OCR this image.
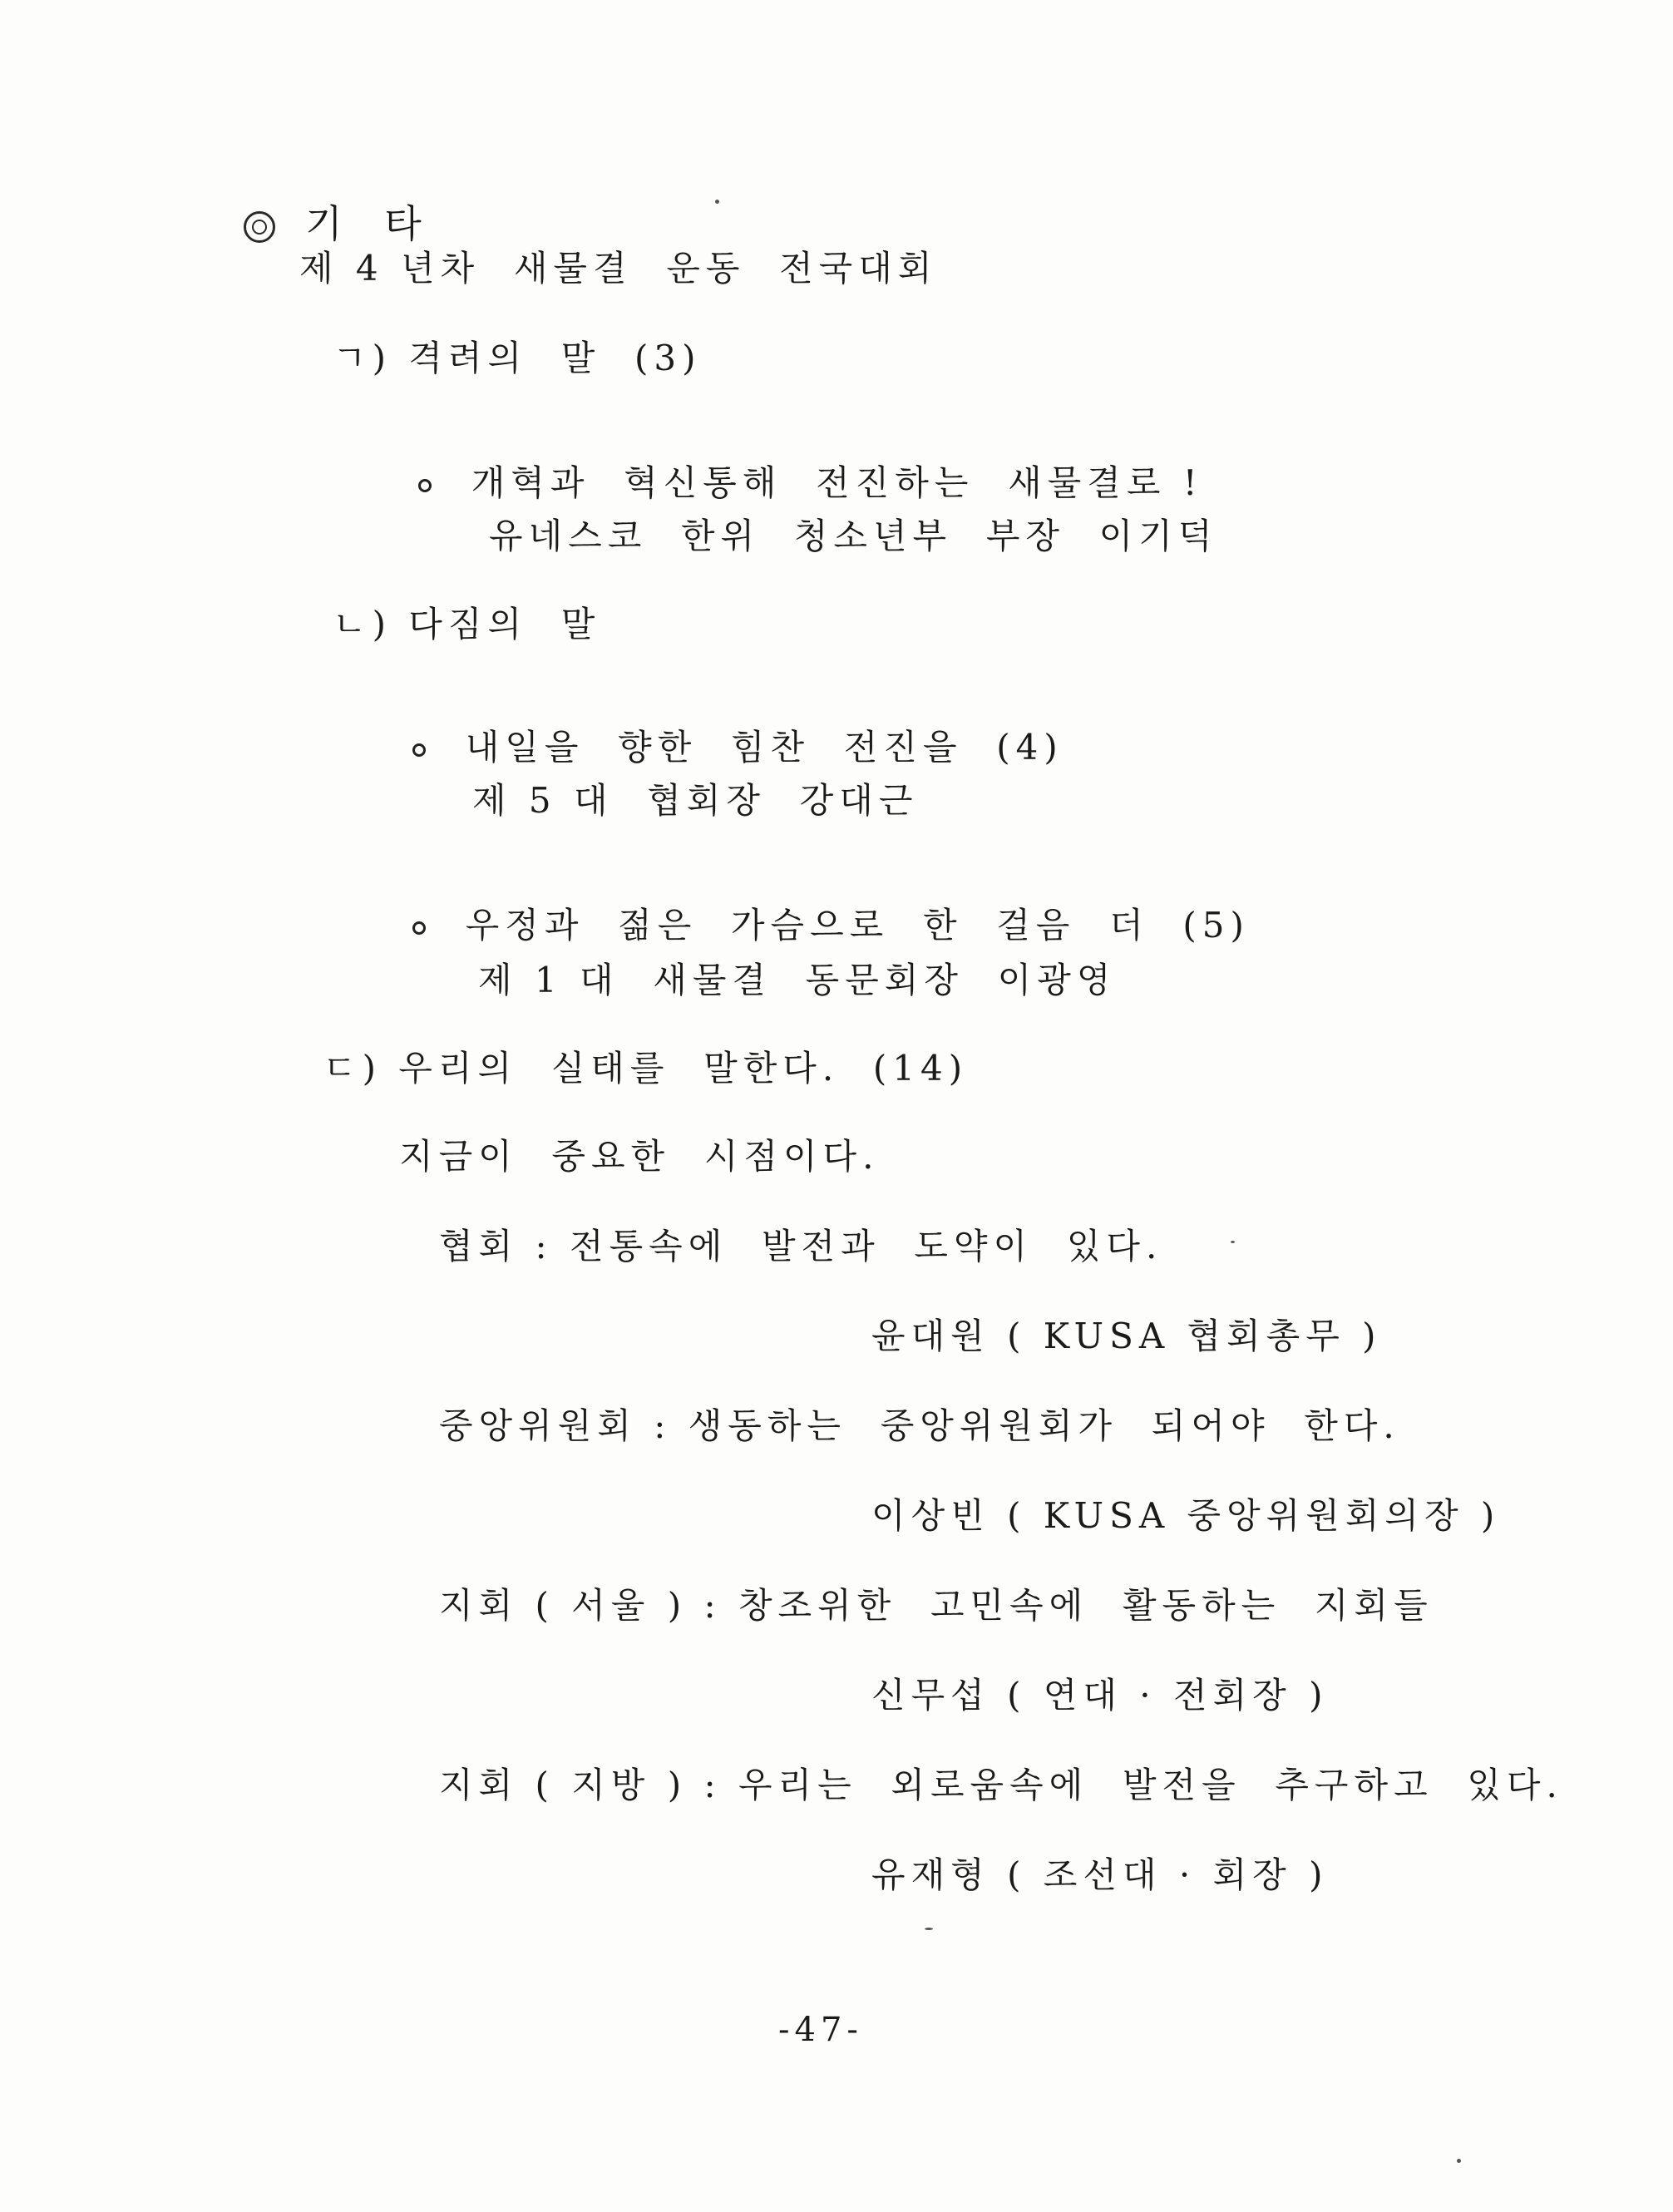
기 타

제 4 년차  새물결  운동  전국대회
ㄱ) 격려의  말  (3)

개혁과  혁신통해  전진하는  새물결로 !

유네스코  한위  청소년부  부장  이기덕
ㄴ) 다짐의  말

내일을  향한  힘찬  전진을  (4)

제 5 대  협회장  강대근

우정과  젊은  가슴으로  한  걸음  더  (5)

제 1 대  새물결  동문회장  이광영
ㄷ) 우리의  실태를  말한다.  (14)
지금이  중요한  시점이다.
협회 : 전통속에  발전과  도약이  있다.
윤대원 ( KUSA 협회총무 )
중앙위원회 : 생동하는  중앙위원회가  되어야  한다.
이상빈 ( KUSA 중앙위원회의장 )
지회 ( 서울 ) : 창조위한  고민속에  활동하는  지회들
신무섭 ( 연대 · 전회장 )
지회 ( 지방 ) : 우리는  외로움속에  발전을  추구하고  있다.
유재형 ( 조선대 · 회장 )
-47-
